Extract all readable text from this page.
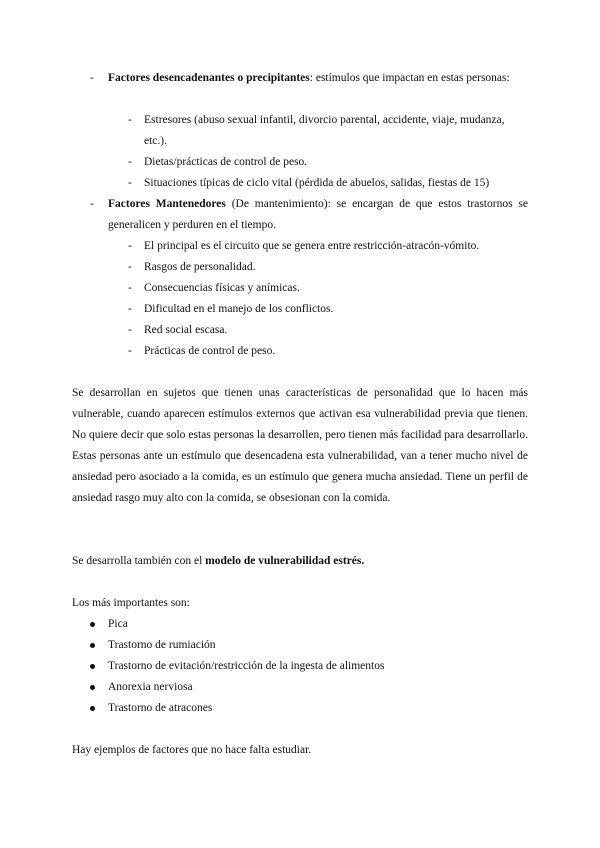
-	Factores desencadenantes o precipitantes: estímulos que impactan en estas personas:
-	Estresores (abuso sexual infantil, divorcio parental, accidente, viaje, mudanza, etc.).
-	Dietas/prácticas de control de peso.
-	Situaciones típicas de ciclo vital (pérdida de abuelos, salidas, fiestas de 15)
-	Factores Mantenedores (De mantenimiento): se encargan de que estos trastornos se generalicen y perduren en el tiempo.
-	El principal es el circuito que se genera entre restricción-atracón-vómito.
-	Rasgos de personalidad.
-	Consecuencias físicas y anímicas.
-	Dificultad en el manejo de los conflictos.
-	Red social escasa.
-	Prácticas de control de peso.
Se desarrollan en sujetos que tienen unas características de personalidad que lo hacen más vulnerable, cuando aparecen estímulos externos que activan esa vulnerabilidad previa que tienen. No quiere decir que solo estas personas la desarrollen, pero tienen más facilidad para desarrollarlo. Estas personas ante un estímulo que desencadena esta vulnerabilidad, van a tener mucho nivel de ansiedad pero asociado a la comida, es un estímulo que genera mucha ansiedad. Tiene un perfil de ansiedad rasgo muy alto con la comida, se obsesionan con la comida.
Se desarrolla también con el modelo de vulnerabilidad estrés.
Los más importantes son:
Pica
Trastorno de rumiación
Trastorno de evitación/restricción de la ingesta de alimentos
Anorexia nerviosa
Trastorno de atracones
Hay ejemplos de factores que no hace falta estudiar.
